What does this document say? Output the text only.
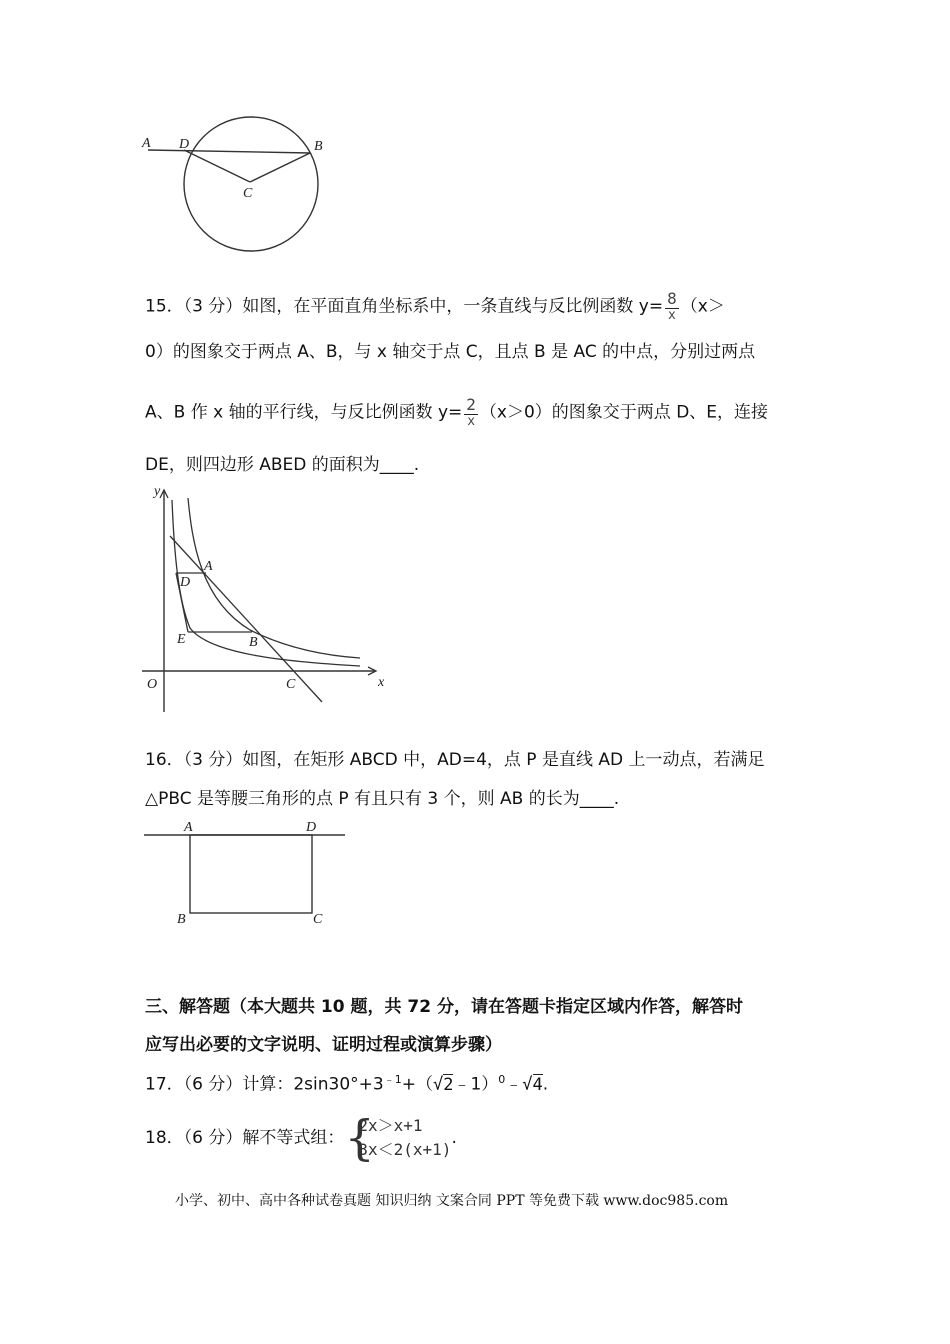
A D	B
C
15．（3 分）如图，在平面直角坐标系中，一条直线与反比例函数 $y= \frac{8}{x} (x>$
0）的图象交于两点 A、B，与 x 轴交于点 C，且点 B 是 AC 的中点，分别过两点
A、B 作 x 轴的平行线，与反比例函数 $y= \frac{2}{x} (x>0)$的图象交于两点 D、E，连接
DE，则四边形 ABED 的面积为____.
y
A
D
E	B
O	C	x
16．（3 分）如图，在矩形 ABCD 中，AD=4，点 P 是直线 AD 上一动点，若满足
△PBC 是等腰三角形的点 P 有且只有 3 个，则 AB 的长为____.
A	D
B	C
三、解答题（本大题共 10 题，共 72 分，请在答题卡指定区域内作答，解答时
应写出必要的文字说明、证明过程或演算步骤）
17．（6 分）计算：$2\sin 30^\circ+3^{﹣1}+(√2﹣1)^0﹣√4$.
18．（6 分）解不等式组： {
2x＞x+1
3x＜2(x+1)
.
小学、初中、高中各种试卷真题 知识归纳 文案合同 PPT 等免费下载 www.doc985.com
